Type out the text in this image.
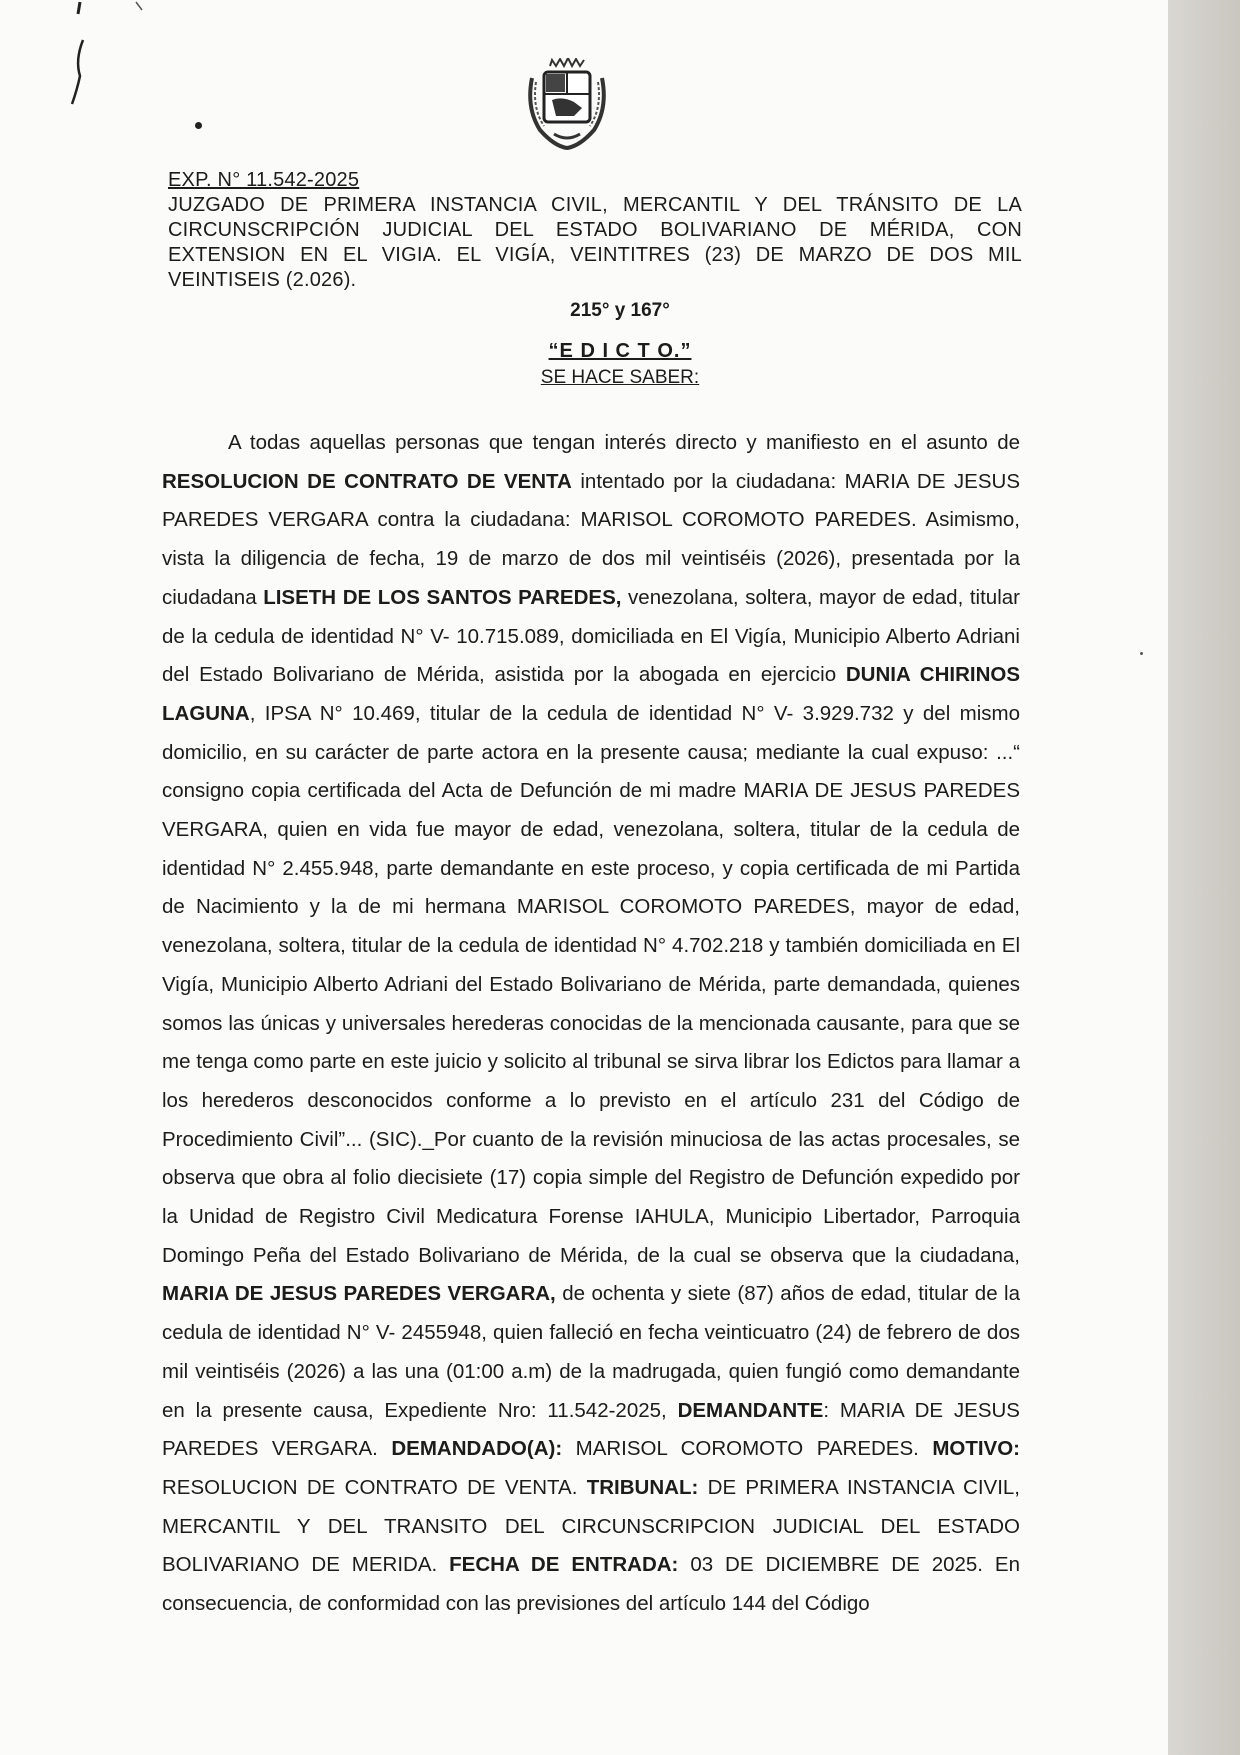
EXP. N° 11.542-2025
JUZGADO DE PRIMERA INSTANCIA CIVIL, MERCANTIL Y DEL TRÁNSITO DE LA CIRCUNSCRIPCIÓN JUDICIAL DEL ESTADO BOLIVARIANO DE MÉRIDA, CON EXTENSION EN EL VIGIA. EL VIGÍA, VEINTITRES (23) DE MARZO DE DOS MIL VEINTISEIS (2.026).
215° y 167°
“E D I C T O.”
SE HACE SABER:
A todas aquellas personas que tengan interés directo y manifiesto en el asunto de RESOLUCION DE CONTRATO DE VENTA intentado por la ciudadana: MARIA DE JESUS PAREDES VERGARA contra la ciudadana: MARISOL COROMOTO PAREDES. Asimismo, vista la diligencia de fecha, 19 de marzo de dos mil veintiséis (2026), presentada por la ciudadana LISETH DE LOS SANTOS PAREDES, venezolana, soltera, mayor de edad, titular de la cedula de identidad N° V- 10.715.089, domiciliada en El Vigía, Municipio Alberto Adriani del Estado Bolivariano de Mérida, asistida por la abogada en ejercicio DUNIA CHIRINOS LAGUNA, IPSA N° 10.469, titular de la cedula de identidad N° V- 3.929.732 y del mismo domicilio, en su carácter de parte actora en la presente causa; mediante la cual expuso: ...“ consigno copia certificada del Acta de Defunción de mi madre MARIA DE JESUS PAREDES VERGARA, quien en vida fue mayor de edad, venezolana, soltera, titular de la cedula de identidad N° 2.455.948, parte demandante en este proceso, y copia certificada de mi Partida de Nacimiento y la de mi hermana MARISOL COROMOTO PAREDES, mayor de edad, venezolana, soltera, titular de la cedula de identidad N° 4.702.218 y también domiciliada en El Vigía, Municipio Alberto Adriani del Estado Bolivariano de Mérida, parte demandada, quienes somos las únicas y universales herederas conocidas de la mencionada causante, para que se me tenga como parte en este juicio y solicito al tribunal se sirva librar los Edictos para llamar a los herederos desconocidos conforme a lo previsto en el artículo 231 del Código de Procedimiento Civil”... (SIC)._Por cuanto de la revisión minuciosa de las actas procesales, se observa que obra al folio diecisiete (17) copia simple del Registro de Defunción expedido por la Unidad de Registro Civil Medicatura Forense IAHULA, Municipio Libertador, Parroquia Domingo Peña del Estado Bolivariano de Mérida, de la cual se observa que la ciudadana, MARIA DE JESUS PAREDES VERGARA, de ochenta y siete (87) años de edad, titular de la cedula de identidad N° V- 2455948, quien falleció en fecha veinticuatro (24) de febrero de dos mil veintiséis (2026) a las una (01:00 a.m) de la madrugada, quien fungió como demandante en la presente causa, Expediente Nro: 11.542-2025, DEMANDANTE: MARIA DE JESUS PAREDES VERGARA. DEMANDADO(A): MARISOL COROMOTO PAREDES. MOTIVO: RESOLUCION DE CONTRATO DE VENTA. TRIBUNAL: DE PRIMERA INSTANCIA CIVIL, MERCANTIL Y DEL TRANSITO DEL CIRCUNSCRIPCION JUDICIAL DEL ESTADO BOLIVARIANO DE MERIDA. FECHA DE ENTRADA: 03 DE DICIEMBRE DE 2025. En consecuencia, de conformidad con las previsiones del artículo 144 del Código
